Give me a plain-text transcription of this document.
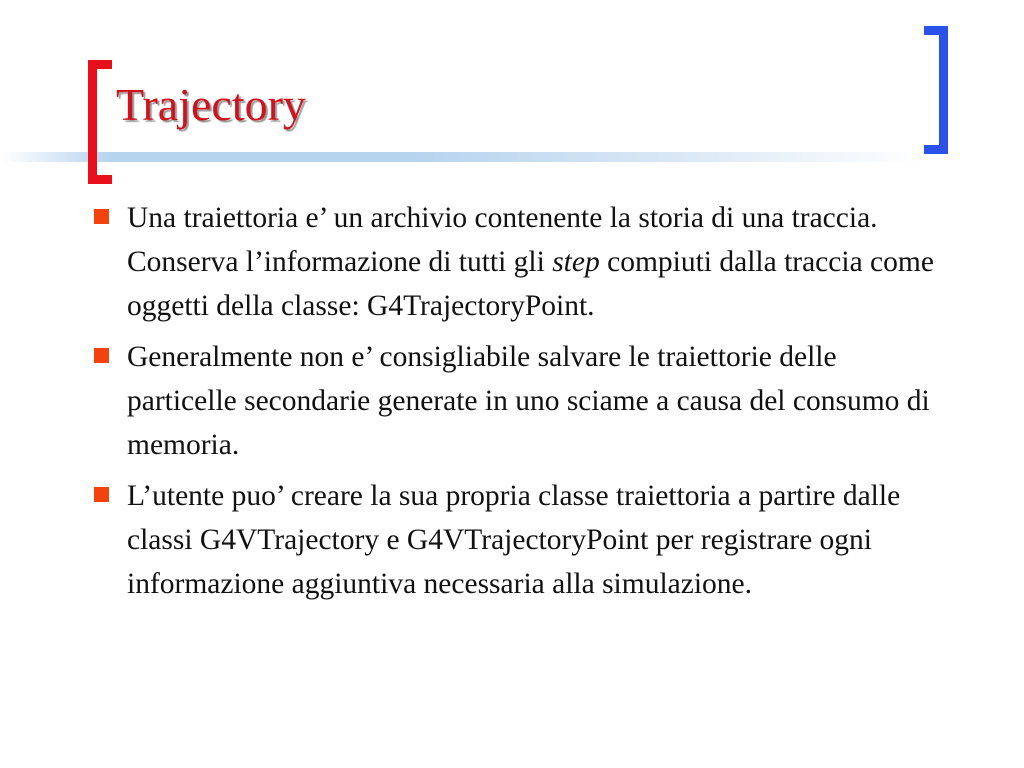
Trajectory
Una traiettoria e’ un archivio contenente la storia di una traccia. Conserva l’informazione di tutti gli step compiuti dalla traccia come oggetti della classe: G4TrajectoryPoint.
Generalmente non e’ consigliabile salvare le traiettorie delle particelle secondarie generate in uno sciame a causa del consumo di memoria.
L’utente puo’ creare la sua propria classe traiettoria a partire dalle classi G4VTrajectory e G4VTrajectoryPoint per registrare ogni informazione aggiuntiva necessaria alla simulazione.
